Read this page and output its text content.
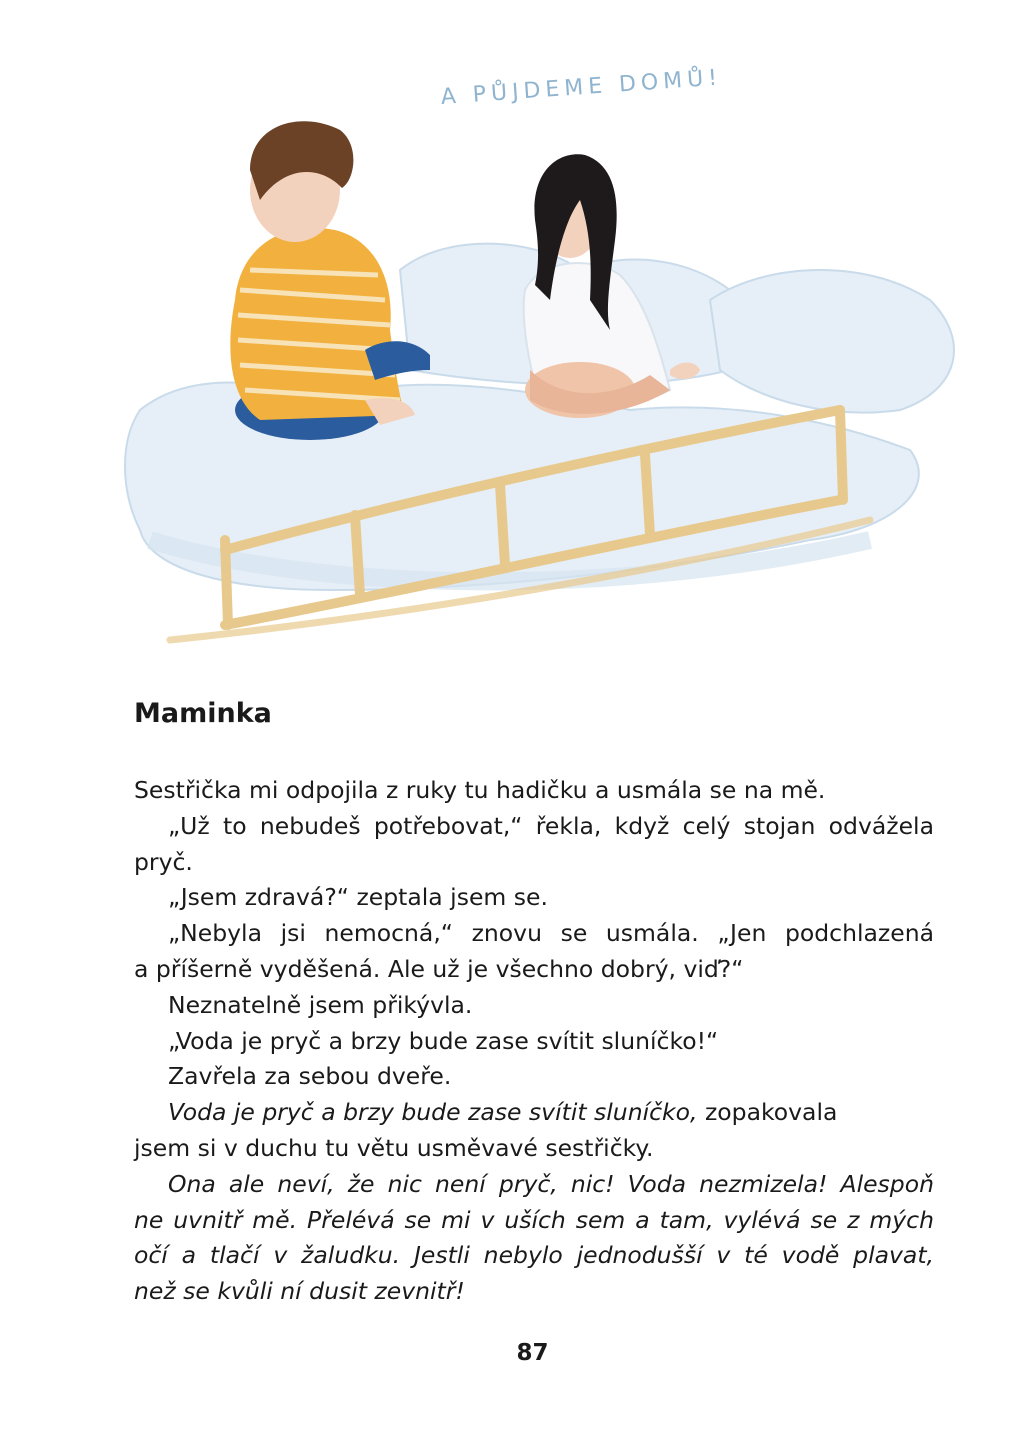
A PŮJDEME DOMŮ!
Maminka
Sestřička mi odpojila z ruky tu hadičku a usmála se na mě.
„Už to nebudeš potřebovat,“ řekla, když celý stojan odvážela
pryč.
„Jsem zdravá?“ zeptala jsem se.
„Nebyla jsi nemocná,“ znovu se usmála. „Jen podchlazená
a příšerně vyděšená. Ale už je všechno dobrý, viď?“
Neznatelně jsem přikývla.
„Voda je pryč a brzy bude zase svítit sluníčko!“
Zavřela za sebou dveře.
Voda je pryč a brzy bude zase svítit sluníčko, zopakovala
jsem si v duchu tu větu usměvavé sestřičky.
Ona ale neví, že nic není pryč, nic! Voda nezmizela! Alespoň
ne uvnitř mě. Přelévá se mi v uších sem a tam, vylévá se z mých
očí a tlačí v žaludku. Jestli nebylo jednodušší v té vodě plavat,
než se kvůli ní dusit zevnitř!
87
